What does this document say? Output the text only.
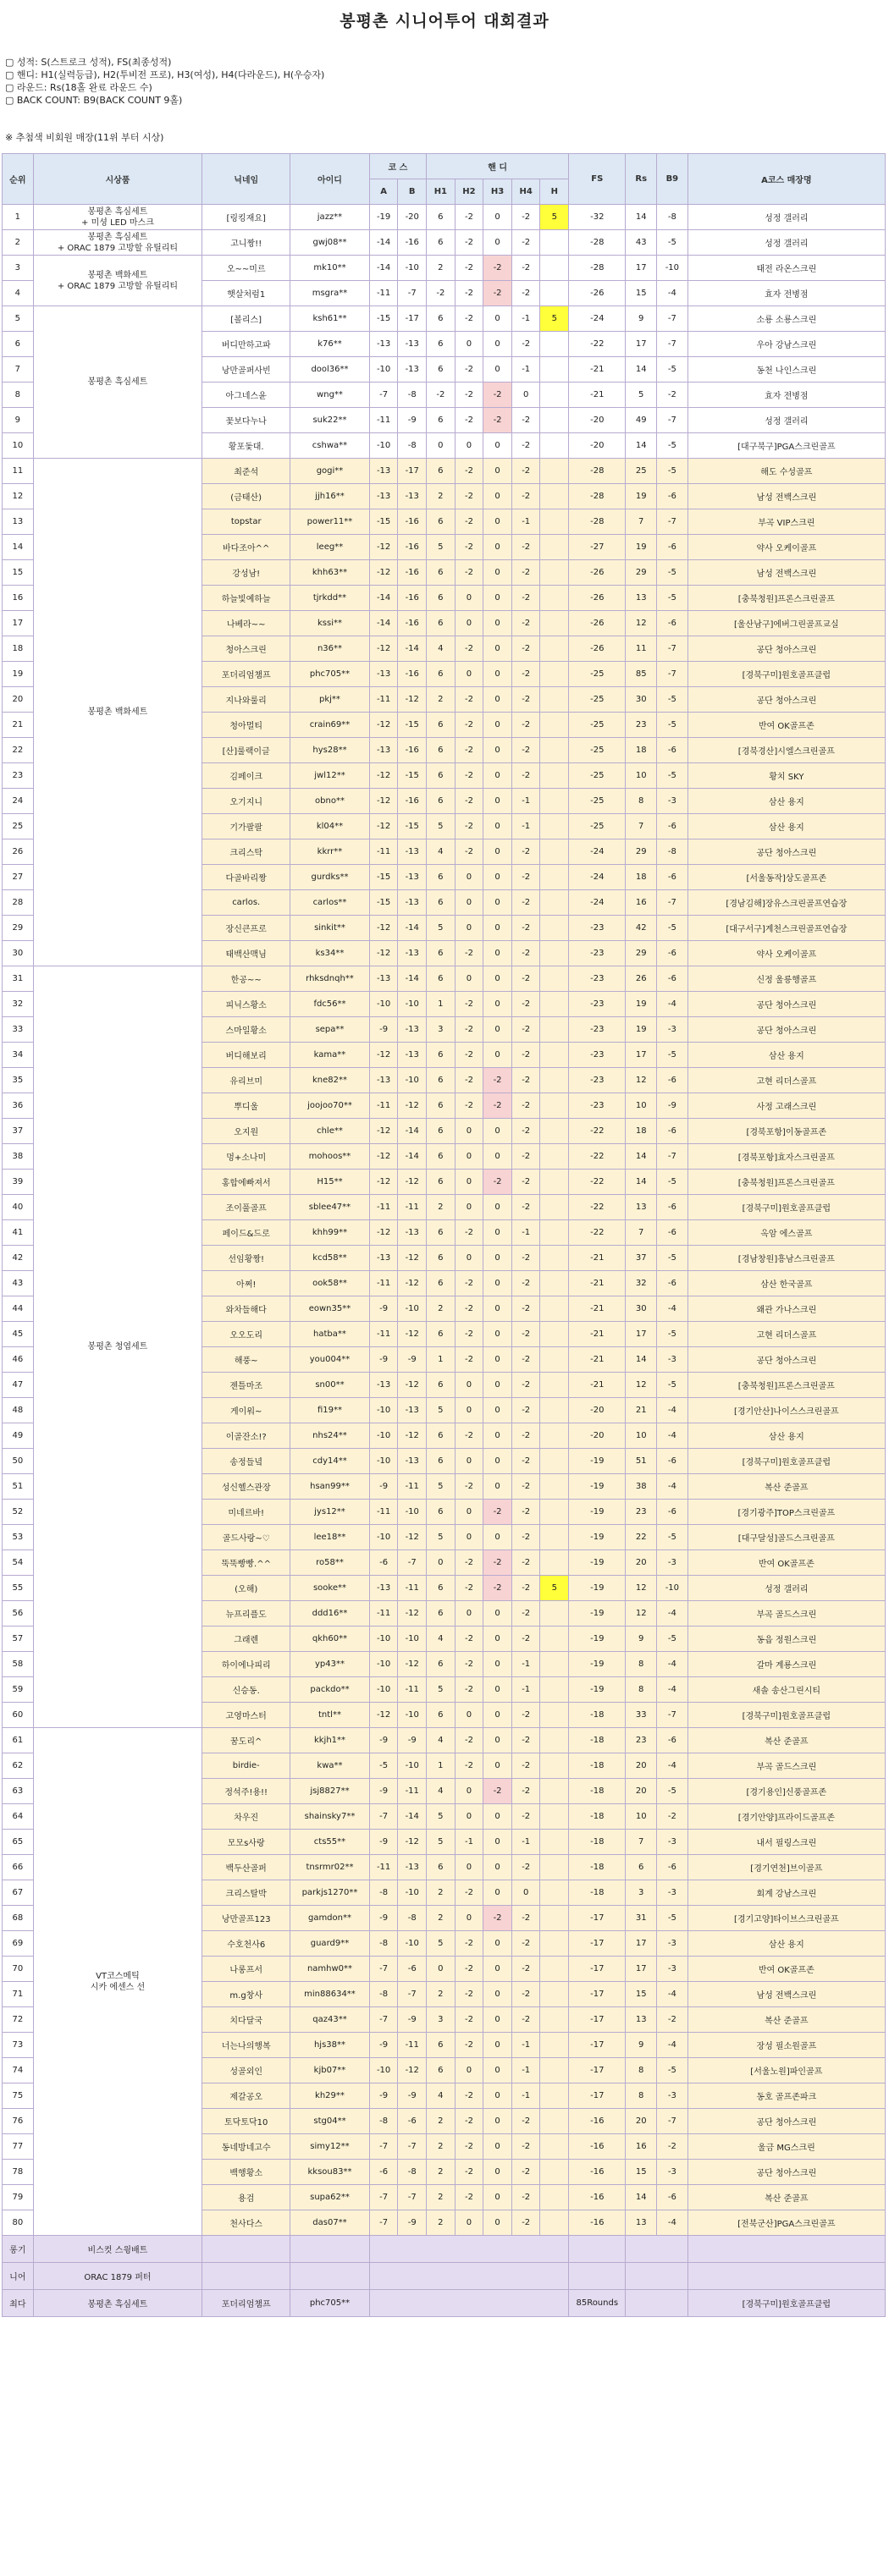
봉평촌 시니어투어 대회결과
▢ 성적: S(스트로크 성적), FS(최종성적)
▢ 핸디: H1(실력등급), H2(투비전 프로), H3(여성), H4(다라운드), H(우승자)
▢ 라운드: Rs(18홀 완료 라운드 수)
▢ BACK COUNT: B9(BACK COUNT 9홀)
※ 추첨색 비회원 매장(11위 부터 시상)
순위	시상품	닉네임	아이디	코 스		핸 디					FS	Rs	B9	A코스 매장명
				A	B	H1	H2	H3	H4	H				
1	봉평촌 흑심세트
+ 미셩 LED 마스크	[링킹재요]	jazz**	-19	-20	6	-2	0	-2	5	-32	14	-8	성정 갤러리
2	봉평촌 흑심세트
+ ORAC 1879 고방할 유틸리티	고니짱!!	gwj08**	-14	-16	6	-2	0	-2		-28	43	-5	성정 갤러리
3	봉평촌 백화세트
+ ORAC 1879 고방할 유틸리티	오~~미르	mk10**	-14	-10	2	-2	-2	-2		-28	17	-10	태전 라온스크린
4		햇살처럼1	msgra**	-11	-7	-2	-2	-2	-2		-26	15	-4	효자 전병점
5	봉평촌 흑심세트	[볼리스]	ksh61**	-15	-17	6	-2	0	-1	5	-24	9	-7	소룡 소룡스크린
6		버디만하고파	k76**	-13	-13	6	0	0	-2		-22	17	-7	우아 강남스크린
7		낭만골퍼사빈	dool36**	-10	-13	6	-2	0	-1		-21	14	-5	동천 나인스크린
8		아그네스윤	wng**	-7	-8	-2	-2	-2	0		-21	5	-2	효자 전병점
9		꽃보다누나	suk22**	-11	-9	6	-2	-2	-2		-20	49	-7	성정 갤러리
10		황포돛대.	cshwa**	-10	-8	0	0	0	-2		-20	14	-5	[대구북구]PGA스크린골프
11	봉평촌 백화세트	최준석	gogi**	-13	-17	6	-2	0	-2		-28	25	-5	해도 수성골프
12		(금태산)	jjh16**	-13	-13	2	-2	0	-2		-28	19	-6	남성 전백스크린
13		topstar	power11**	-15	-16	6	-2	0	-1		-28	7	-7	부곡 VIP스크린
14		바다조아^^	leeg**	-12	-16	5	-2	0	-2		-27	19	-6	약사 오케이골프
15		강성남!	khh63**	-12	-16	6	-2	0	-2		-26	29	-5	남성 전백스크린
16		하늘빛예하늘	tjrkdd**	-14	-16	6	0	0	-2		-26	13	-5	[충북청원]프론스크린골프
17		나베라~~	kssi**	-14	-16	6	0	0	-2		-26	12	-6	[울산남구]에버그린골프교실
18		청아스크린	n36**	-12	-14	4	-2	0	-2		-26	11	-7	공단 청아스크린
19		포더리엄챔프	phc705**	-13	-16	6	0	0	-2		-25	85	-7	[경북구미]원호골프클럽
20		지나와룰리	pkj**	-11	-12	2	-2	0	-2		-25	30	-5	공단 청아스크린
21		청아멀티	crain69**	-12	-15	6	-2	0	-2		-25	23	-5	반여 OK골프존
22		[산]룰랙이글	hys28**	-13	-16	6	-2	0	-2		-25	18	-6	[경북경산]시엘스크린골프
23		김페이크	jwl12**	-12	-15	6	-2	0	-2		-25	10	-5	황치 SKY
24		오기지니	obno**	-12	-16	6	-2	0	-1		-25	8	-3	삼산 용지
25		기가팔팔	kl04**	-12	-15	5	-2	0	-1		-25	7	-6	삼산 용지
26		크리스탁	kkrr**	-11	-13	4	-2	0	-2		-24	29	-8	공단 청아스크린
27		다골바리짱	gurdks**	-15	-13	6	0	0	-2		-24	18	-6	[서울동작]상도골프존
28		carlos.	carlos**	-15	-13	6	0	0	-2		-24	16	-7	[경남김해]장유스크린골프연습장
29		장신큰프로	sinkit**	-12	-14	5	0	0	-2		-23	42	-5	[대구서구]계천스크린골프연습장
30		태백산맥님	ks34**	-12	-13	6	-2	0	-2		-23	29	-6	약사 오케이골프
31	봉평촌 청엽세트	한공~~	rhksdnqh**	-13	-14	6	0	0	-2		-23	26	-6	신정 울릉행골프
32		피닉스황소	fdc56**	-10	-10	1	-2	0	-2		-23	19	-4	공단 청아스크린
33		스마일황소	sepa**	-9	-13	3	-2	0	-2		-23	19	-3	공단 청아스크린
34		버디해보리	kama**	-12	-13	6	-2	0	-2		-23	17	-5	삼산 용지
35		유리브미	kne82**	-13	-10	6	-2	-2	-2		-23	12	-6	고현 리더스골프
36		뿌디울	joojoo70**	-11	-12	6	-2	-2	-2		-23	10	-9	사정 고래스크린
37		오지원	chle**	-12	-14	6	0	0	-2		-22	18	-6	[경북포항]이동골프존
38		멍+소나미	mohoos**	-12	-14	6	0	0	-2		-22	14	-7	[경북포항]효자스크린골프
39		홍합에빠져서	H15**	-12	-12	6	0	-2	-2		-22	14	-5	[충북청원]프론스크린골프
40		조이풀골프	sblee47**	-11	-11	2	0	0	-2		-22	13	-6	[경북구미]원호골프클럽
41		페이드&드로	khh99**	-12	-13	6	-2	0	-1		-22	7	-6	옥암 에스골프
42		선임황짱!	kcd58**	-13	-12	6	0	0	-2		-21	37	-5	[경남창원]흥남스크린골프
43		아쩌!	ook58**	-11	-12	6	-2	0	-2		-21	32	-6	삼산 한국골프
44		와차들해다	eown35**	-9	-10	2	-2	0	-2		-21	30	-4	왜관 가나스크린
45		오오도리	hatba**	-11	-12	6	-2	0	-2		-21	17	-5	고현 리더스골프
46		해풍~	you004**	-9	-9	1	-2	0	-2		-21	14	-3	공단 청아스크린
47		젠틀마조	sn00**	-13	-12	6	0	0	-2		-21	12	-5	[충북청원]프론스크린골프
48		게이워~	fi19**	-10	-13	5	0	0	-2		-20	21	-4	[경기안산]나이스스크린골프
49		이골잔소!?	nhs24**	-10	-12	6	-2	0	-2		-20	10	-4	삼산 용지
50		송정들녘	cdy14**	-10	-13	6	0	0	-2		-19	51	-6	[경북구미]원호골프클럽
51		성신헬스관장	hsan99**	-9	-11	5	-2	0	-2		-19	38	-4	복산 준골프
52		미네르바!	jys12**	-11	-10	6	0	-2	-2		-19	23	-6	[경기광주]TOP스크린골프
53		골드사랑~♡	lee18**	-10	-12	5	0	0	-2		-19	22	-5	[대구달성]골드스크린골프
54		뚝뚝빵빵.^^	ro58**	-6	-7	0	-2	-2	-2		-19	20	-3	반여 OK골프존
55		(오해)	sooke**	-13	-11	6	-2	-2	-2	5	-19	12	-10	성정 갤러리
56		뉴프리플도	ddd16**	-11	-12	6	0	0	-2		-19	12	-4	부곡 골드스크린
57		그래렌	qkh60**	-10	-10	4	-2	0	-2		-19	9	-5	동읍 정원스크린
58		하이에나피리	yp43**	-10	-12	6	-2	0	-1		-19	8	-4	갈마 계룡스크린
59		신승동.	packdo**	-10	-11	5	-2	0	-1		-19	8	-4	새솔 송산그린시티
60		고영마스터	tntl**	-12	-10	6	0	0	-2		-18	33	-7	[경북구미]원호골프클럽
61	VT코스메틱
시카 에센스 선	꿈도리^	kkjh1**	-9	-9	4	-2	0	-2		-18	23	-6	복산 준골프
62		birdie-	kwa**	-5	-10	1	-2	0	-2		-18	20	-4	부곡 골드스크린
63		정석주!용!!	jsj8827**	-9	-11	4	0	-2	-2		-18	20	-5	[경기용인]신풍골프존
64		차우진	shainsky7**	-7	-14	5	0	0	-2		-18	10	-2	[경기안양]프라이드골프존
65		모모s사랑	cts55**	-9	-12	5	-1	0	-1		-18	7	-3	내서 필링스크린
66		백두산골퍼	tnsrmr02**	-11	-13	6	0	0	-2		-18	6	-6	[경기연천]브이골프
67		크리스탈박	parkjs1270**	-8	-10	2	-2	0	0		-18	3	-3	회계 강남스크린
68		낭만골프123	gamdon**	-9	-8	2	0	-2	-2		-17	31	-5	[경기고양]타이브스크린골프
69		수호천사6	guard9**	-8	-10	5	-2	0	-2		-17	17	-3	삼산 용지
70		나롱프서	namhw0**	-7	-6	0	-2	0	-2		-17	17	-3	반여 OK골프존
71		m.g창사	min88634**	-8	-7	2	-2	0	-2		-17	15	-4	남성 전백스크린
72		치다달국	qaz43**	-7	-9	3	-2	0	-2		-17	13	-2	복산 준골프
73		너는나의행복	hjs38**	-9	-11	6	-2	0	-1		-17	9	-4	장성 필소원골프
74		성골외인	kjb07**	-10	-12	6	0	0	-1		-17	8	-5	[서울노원]파인골프
75		제갈공오	kh29**	-9	-9	4	-2	0	-1		-17	8	-3	동호 골프존파크
76		토닥토닥10	stg04**	-8	-6	2	-2	0	-2		-16	20	-7	공단 청아스크린
77		동네방네고수	simy12**	-7	-7	2	-2	0	-2		-16	16	-2	울금 MG스크린
78		백행황소	kksou83**	-6	-8	2	-2	0	-2		-16	15	-3	공단 청아스크린
79		용검	supa62**	-7	-7	2	-2	0	-2		-16	14	-6	복산 준골프
80		천사다스	das07**	-7	-9	2	0	0	-2		-16	13	-4	[전북군산]PGA스크린골프
롱기	비스컷 스윙배트													
니어	ORAC 1879 퍼터													
최다	봉평촌 흑심세트	포더리엄챔프	phc705**								85Rounds			[경북구미]원호골프클럽
